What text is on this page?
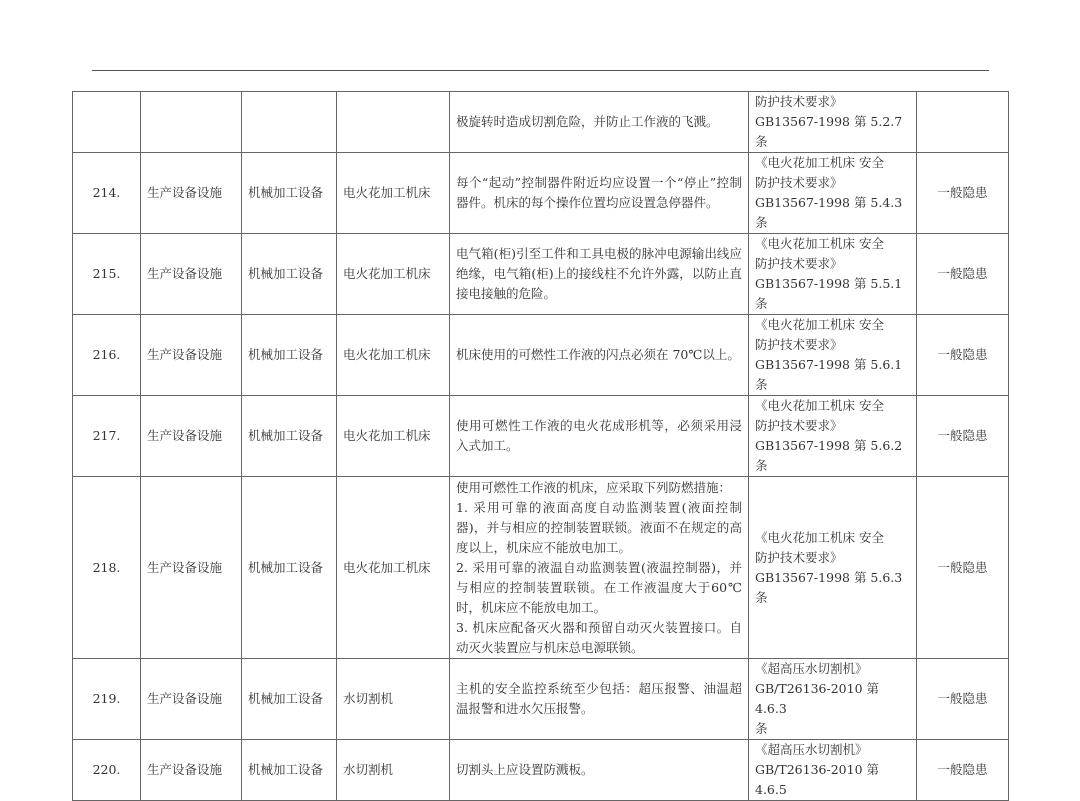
				极旋转时造成切割危险，并防止工作液的飞溅。	防护技术要求》
GB13567-1998 第 5.2.7 条	

214.	生产设备设施	机械加工设备	电火花加工机床	每个“起动”控制器件附近均应设置一个“停止”控制器件。机床的每个操作位置均应设置急停器件。	《电火花加工机床 安全
防护技术要求》
GB13567-1998 第 5.4.3 条	一般隐患
215.	生产设备设施	机械加工设备	电火花加工机床	电气箱(柜)引至工件和工具电极的脉冲电源输出线应绝缘，电气箱(柜)上的接线柱不允许外露，以防止直接电接触的危险。	《电火花加工机床 安全
防护技术要求》
GB13567-1998 第 5.5.1 条	一般隐患
216.	生产设备设施	机械加工设备	电火花加工机床	机床使用的可燃性工作液的闪点必须在 70℃以上。	《电火花加工机床 安全
防护技术要求》
GB13567-1998 第 5.6.1 条	一般隐患
217.	生产设备设施	机械加工设备	电火花加工机床	使用可燃性工作液的电火花成形机等，必须采用浸入式加工。	《电火花加工机床 安全
防护技术要求》
GB13567-1998 第 5.6.2 条	一般隐患
218.	生产设备设施	机械加工设备	电火花加工机床	使用可燃性工作液的机床，应采取下列防燃措施：
1. 采用可靠的液面高度自动监测装置(液面控制器)，并与相应的控制装置联锁。液面不在规定的高度以上，机床应不能放电加工。
2. 采用可靠的液温自动监测装置(液温控制器)，并与相应的控制装置联锁。在工作液温度大于60℃时，机床应不能放电加工。
3. 机床应配备灭火器和预留自动灭火装置接口。自动灭火装置应与机床总电源联锁。	《电火花加工机床 安全
防护技术要求》
GB13567-1998 第 5.6.3 条	一般隐患
219.	生产设备设施	机械加工设备	水切割机	主机的安全监控系统至少包括：超压报警、油温超温报警和进水欠压报警。	《超高压水切割机》
GB/T26136-2010 第 4.6.3
条	一般隐患
220.	生产设备设施	机械加工设备	水切割机	切割头上应设置防溅板。	《超高压水切割机》
GB/T26136-2010 第 4.6.5	一般隐患
